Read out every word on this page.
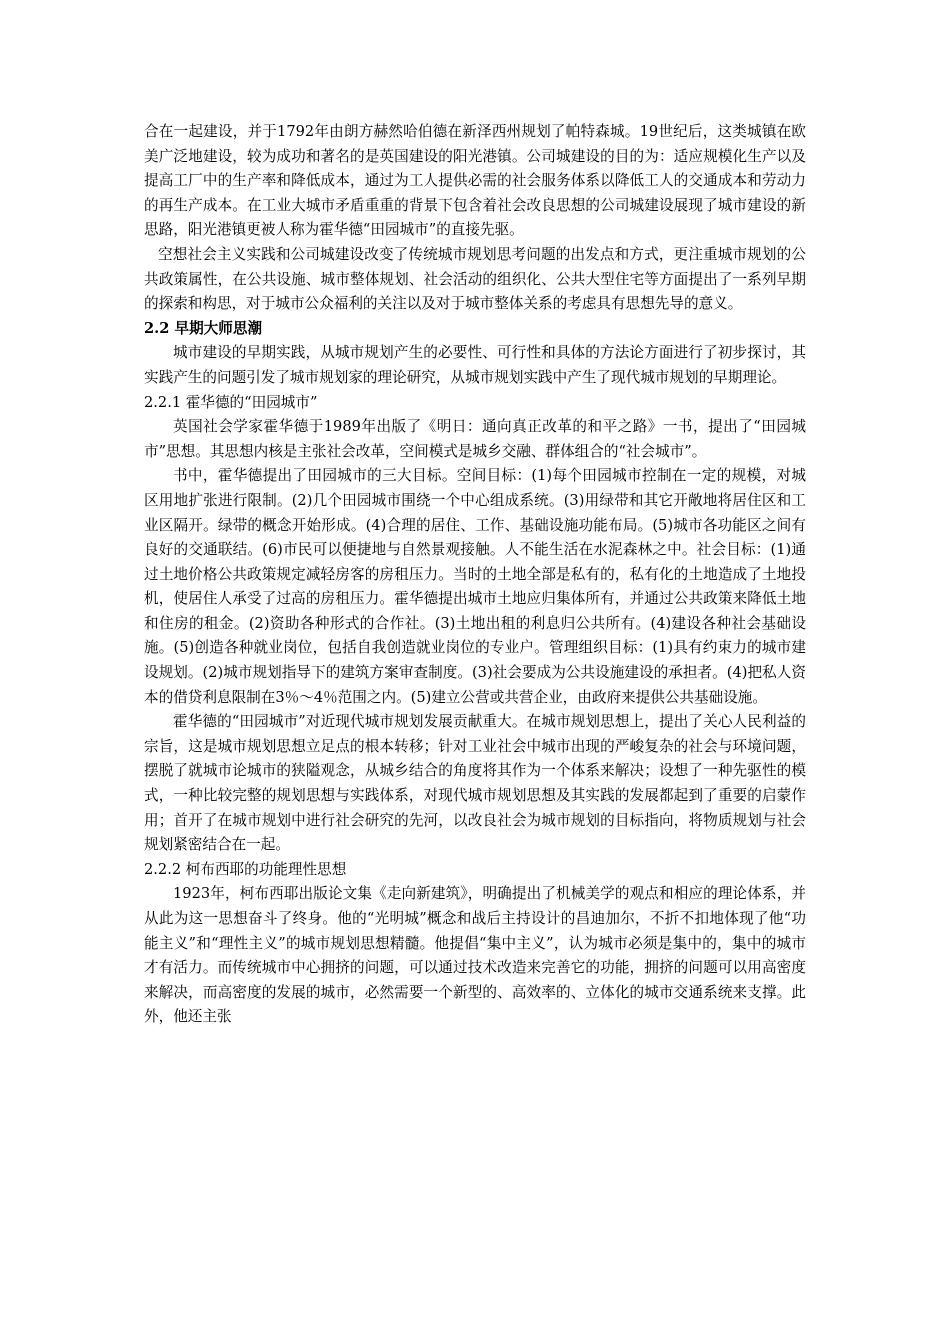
合在一起建设，并于1792年由朗方赫然哈伯德在新泽西州规划了帕特森城。19世纪后，这类城镇在欧美广泛地建设，较为成功和著名的是英国建设的阳光港镇。公司城建设的目的为：适应规模化生产以及提高工厂中的生产率和降低成本，通过为工人提供必需的社会服务体系以降低工人的交通成本和劳动力的再生产成本。在工业大城市矛盾重重的背景下包含着社会改良思想的公司城建设展现了城市建设的新思路，阳光港镇更被人称为霍华德“田园城市”的直接先驱。

空想社会主义实践和公司城建设改变了传统城市规划思考问题的出发点和方式，更注重城市规划的公共政策属性，在公共设施、城市整体规划、社会活动的组织化、公共大型住宅等方面提出了一系列早期的探索和构思，对于城市公众福利的关注以及对于城市整体关系的考虑具有思想先导的意义。

2.2 早期大师思潮

城市建设的早期实践，从城市规划产生的必要性、可行性和具体的方法论方面进行了初步探讨，其实践产生的问题引发了城市规划家的理论研究，从城市规划实践中产生了现代城市规划的早期理论。

2.2.1 霍华德的“田园城市”

英国社会学家霍华德于1989年出版了《明日：通向真正改革的和平之路》一书，提出了“田园城市”思想。其思想内核是主张社会改革，空间模式是城乡交融、群体组合的“社会城市”。

书中，霍华德提出了田园城市的三大目标。空间目标：(1)每个田园城市控制在一定的规模，对城区用地扩张进行限制。(2)几个田园城市围绕一个中心组成系统。(3)用绿带和其它开敞地将居住区和工业区隔开。绿带的概念开始形成。(4)合理的居住、工作、基础设施功能布局。(5)城市各功能区之间有良好的交通联结。(6)市民可以便捷地与自然景观接触。人不能生活在水泥森林之中。社会目标：(1)通过土地价格公共政策规定减轻房客的房租压力。当时的土地全部是私有的，私有化的土地造成了土地投机，使居住人承受了过高的房租压力。霍华德提出城市土地应归集体所有，并通过公共政策来降低土地和住房的租金。(2)资助各种形式的合作社。(3)土地出租的利息归公共所有。(4)建设各种社会基础设施。(5)创造各种就业岗位，包括自我创造就业岗位的专业户。管理组织目标：(1)具有约束力的城市建设规划。(2)城市规划指导下的建筑方案审查制度。(3)社会要成为公共设施建设的承担者。(4)把私人资本的借贷利息限制在3％～4％范围之内。(5)建立公营或共营企业，由政府来提供公共基础设施。

霍华德的“田园城市”对近现代城市规划发展贡献重大。在城市规划思想上，提出了关心人民利益的宗旨，这是城市规划思想立足点的根本转移；针对工业社会中城市出现的严峻复杂的社会与环境问题，摆脱了就城市论城市的狭隘观念，从城乡结合的角度将其作为一个体系来解决；设想了一种先驱性的模式，一种比较完整的规划思想与实践体系，对现代城市规划思想及其实践的发展都起到了重要的启蒙作用；首开了在城市规划中进行社会研究的先河，以改良社会为城市规划的目标指向，将物质规划与社会规划紧密结合在一起。

2.2.2 柯布西耶的功能理性思想

1923年，柯布西耶出版论文集《走向新建筑》，明确提出了机械美学的观点和相应的理论体系，并从此为这一思想奋斗了终身。他的“光明城”概念和战后主持设计的昌迪加尔，不折不扣地体现了他“功能主义”和“理性主义”的城市规划思想精髓。他提倡“集中主义”，认为城市必须是集中的，集中的城市才有活力。而传统城市中心拥挤的问题，可以通过技术改造来完善它的功能，拥挤的问题可以用高密度来解决，而高密度的发展的城市，必然需要一个新型的、高效率的、立体化的城市交通系统来支撑。此外，他还主张
